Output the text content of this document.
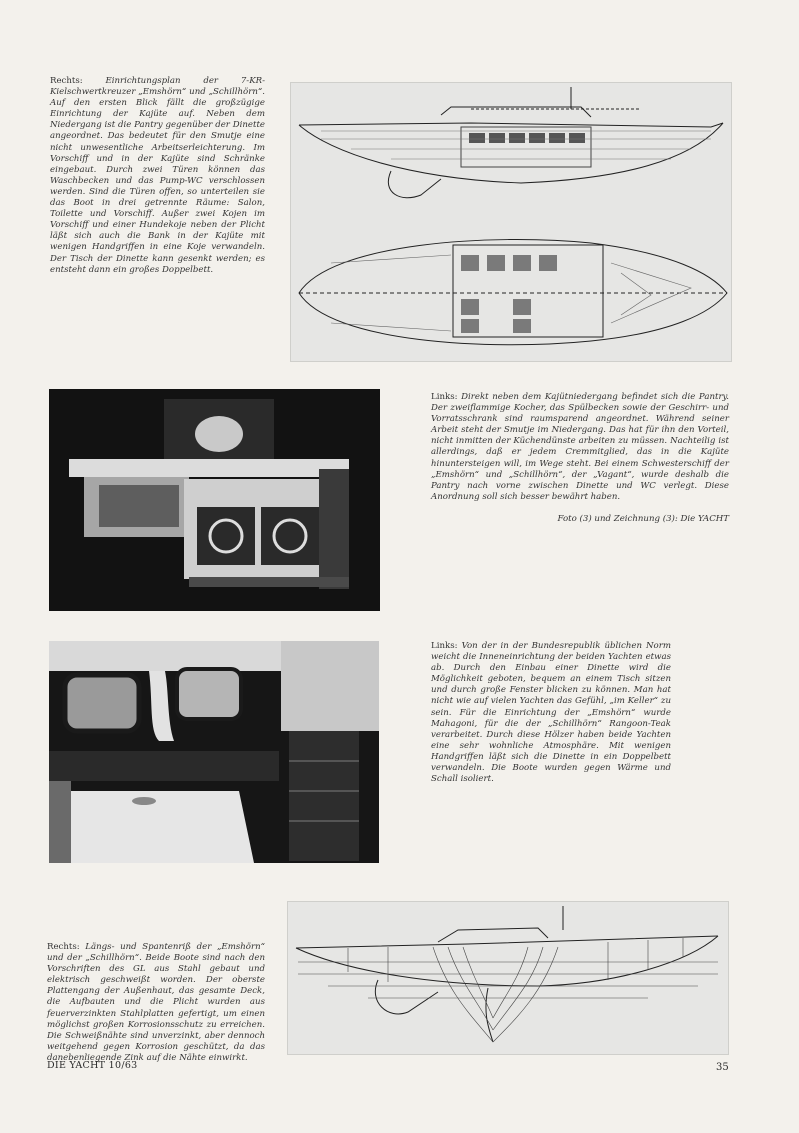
Rechts: Einrichtungsplan der 7-KR-Kielschwertkreuzer „Emshörn“ und „Schillhörn“. Auf den ersten Blick fällt die großzügige Einrichtung der Kajüte auf. Neben dem Niedergang ist die Pantry gegenüber der Dinette angeordnet. Das bedeutet für den Smutje eine nicht unwesentliche Arbeitserleichterung. Im Vorschiff und in der Kajüte sind Schränke eingebaut. Durch zwei Türen können das Waschbecken und das Pump-WC verschlossen werden. Sind die Türen offen, so unterteilen sie das Boot in drei getrennte Räume: Salon, Toilette und Vorschiff. Außer zwei Kojen im Vorschiff und einer Hundekoje neben der Plicht läßt sich auch die Bank in der Kajüte mit wenigen Handgriffen in eine Koje verwandeln. Der Tisch der Dinette kann gesenkt werden; es entsteht dann ein großes Doppelbett.
Links: Direkt neben dem Kajütniedergang befindet sich die Pantry. Der zweiflammige Kocher, das Spülbecken sowie der Geschirr- und Vorratsschrank sind raumsparend angeordnet. Während seiner Arbeit steht der Smutje im Niedergang. Das hat für ihn den Vorteil, nicht inmitten der Küchendünste arbeiten zu müssen. Nachteilig ist allerdings, daß er jedem Cremmitglied, das in die Kajüte hinuntersteigen will, im Wege steht. Bei einem Schwesterschiff der „Emshörn“ und „Schillhörn“, der „Vagant“, wurde deshalb die Pantry nach vorne zwischen Dinette und WC verlegt. Diese Anordnung soll sich besser bewährt haben.
Foto (3) und Zeichnung (3): Die YACHT
Links: Von der in der Bundesrepublik üblichen Norm weicht die Inneneinrichtung der beiden Yachten etwas ab. Durch den Einbau einer Dinette wird die Möglichkeit geboten, bequem an einem Tisch sitzen und durch große Fenster blicken zu können. Man hat nicht wie auf vielen Yachten das Gefühl, „im Keller“ zu sein. Für die Einrichtung der „Emshörn“ wurde Mahagoni, für die der „Schillhörn“ Rangoon-Teak verarbeitet. Durch diese Hölzer haben beide Yachten eine sehr wohnliche Atmosphäre. Mit wenigen Handgriffen läßt sich die Dinette in ein Doppelbett verwandeln. Die Boote wurden gegen Wärme und Schall isoliert.
Rechts: Längs- und Spantenriß der „Emshörn“ und der „Schillhörn“. Beide Boote sind nach den Vorschriften des GL aus Stahl gebaut und elektrisch geschweißt worden. Der oberste Plattengang der Außenhaut, das gesamte Deck, die Aufbauten und die Plicht wurden aus feuerverzinkten Stahlplatten gefertigt, um einen möglichst großen Korrosionsschutz zu erreichen. Die Schweißnähte sind unverzinkt, aber dennoch weitgehend gegen Korrosion geschützt, da das danebenliegende Zink auf die Nähte einwirkt.
DIE YACHT 10/63	35
